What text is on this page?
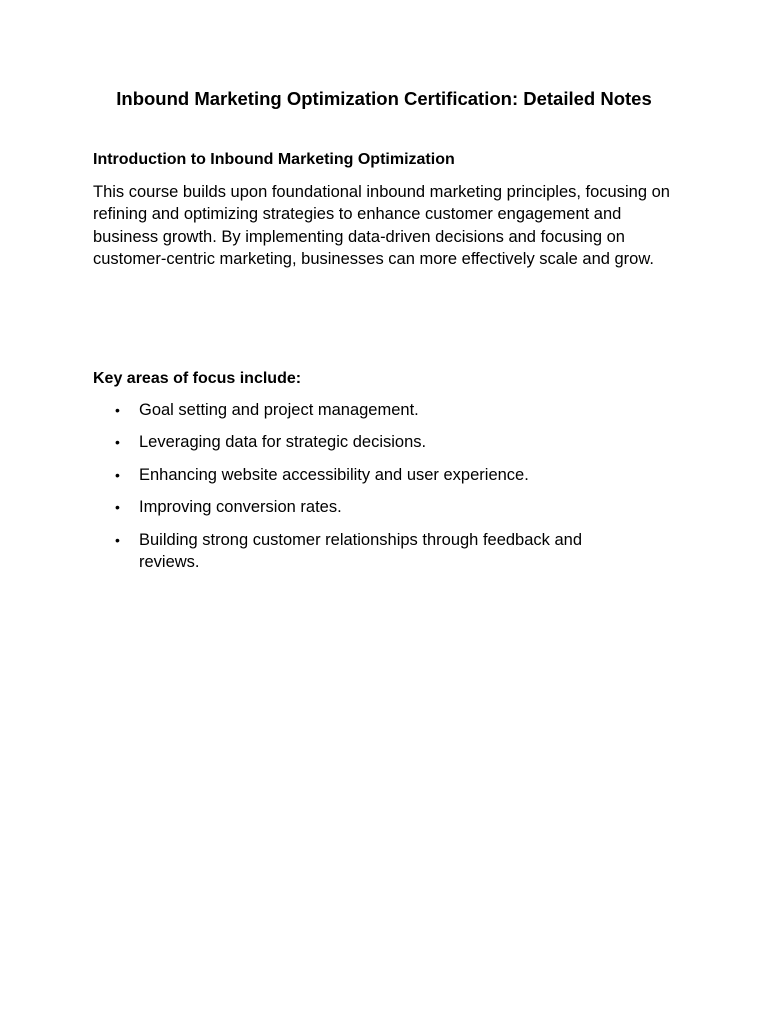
Inbound Marketing Optimization Certification: Detailed Notes
Introduction to Inbound Marketing Optimization

This course builds upon foundational inbound marketing principles, focusing on refining and optimizing strategies to enhance customer engagement and business growth. By implementing data-driven decisions and focusing on customer-centric marketing, businesses can more effectively scale and grow.

Key areas of focus include:
• Goal setting and project management.
• Leveraging data for strategic decisions.
• Enhancing website accessibility and user experience.
• Improving conversion rates.
• Building strong customer relationships through feedback and reviews.
